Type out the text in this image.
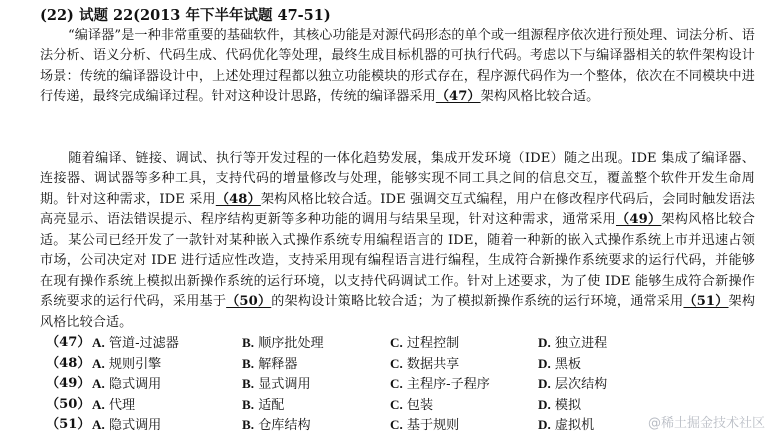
(22) 试题 22(2013 年下半年试题 47-51)
“编译器”是一种非常重要的基础软件，其核心功能是对源代码形态的单个或一组源程序依次进行预处理、词法分析、语法分析、语义分析、代码生成、代码优化等处理，最终生成目标机器的可执行代码。考虑以下与编译器相关的软件架构设计场景：传统的编译器设计中，上述处理过程都以独立功能模块的形式存在，程序源代码作为一个整体，依次在不同模块中进行传递，最终完成编译过程。针对这种设计思路，传统的编译器采用（47）架构风格比较合适。
随着编译、链接、调试、执行等开发过程的一体化趋势发展，集成开发环境（IDE）随之出现。IDE 集成了编译器、连接器、调试器等多种工具，支持代码的增量修改与处理，能够实现不同工具之间的信息交互，覆盖整个软件开发生命周期。针对这种需求，IDE 采用（48）架构风格比较合适。IDE 强调交互式编程，用户在修改程序代码后，会同时触发语法高亮显示、语法错误提示、程序结构更新等多种功能的调用与结果呈现，针对这种需求，通常采用（49）架构风格比较合适。 某公司已经开发了一款针对某种嵌入式操作系统专用编程语言的 IDE，随着一种新的嵌入式操作系统上市并迅速占领市场，公司决定对 IDE 进行适应性改造，支持采用现有编程语言进行编程，生成符合新操作系统要求的运行代码，并能够在现有操作系统上模拟出新操作系统的运行环境，以支持代码调试工作。针对上述要求，为了使 IDE 能够生成符合新操作系统要求的运行代码，采用基于（50）的架构设计策略比较合适；为了模拟新操作系统的运行环境，通常采用（51）架构风格比较合适。
（47） A. 管道-过滤器	B. 顺序批处理	C. 过程控制	D. 独立进程
（48） A. 规则引擎	B. 解释器	C. 数据共享	D. 黑板
（49） A. 隐式调用	B. 显式调用	C. 主程序-子程序	D. 层次结构
（50） A. 代理	B. 适配	C. 包装	D. 模拟
（51） A. 隐式调用	B. 仓库结构	C. 基于规则	D. 虚拟机	@稀土掘金技术社区
